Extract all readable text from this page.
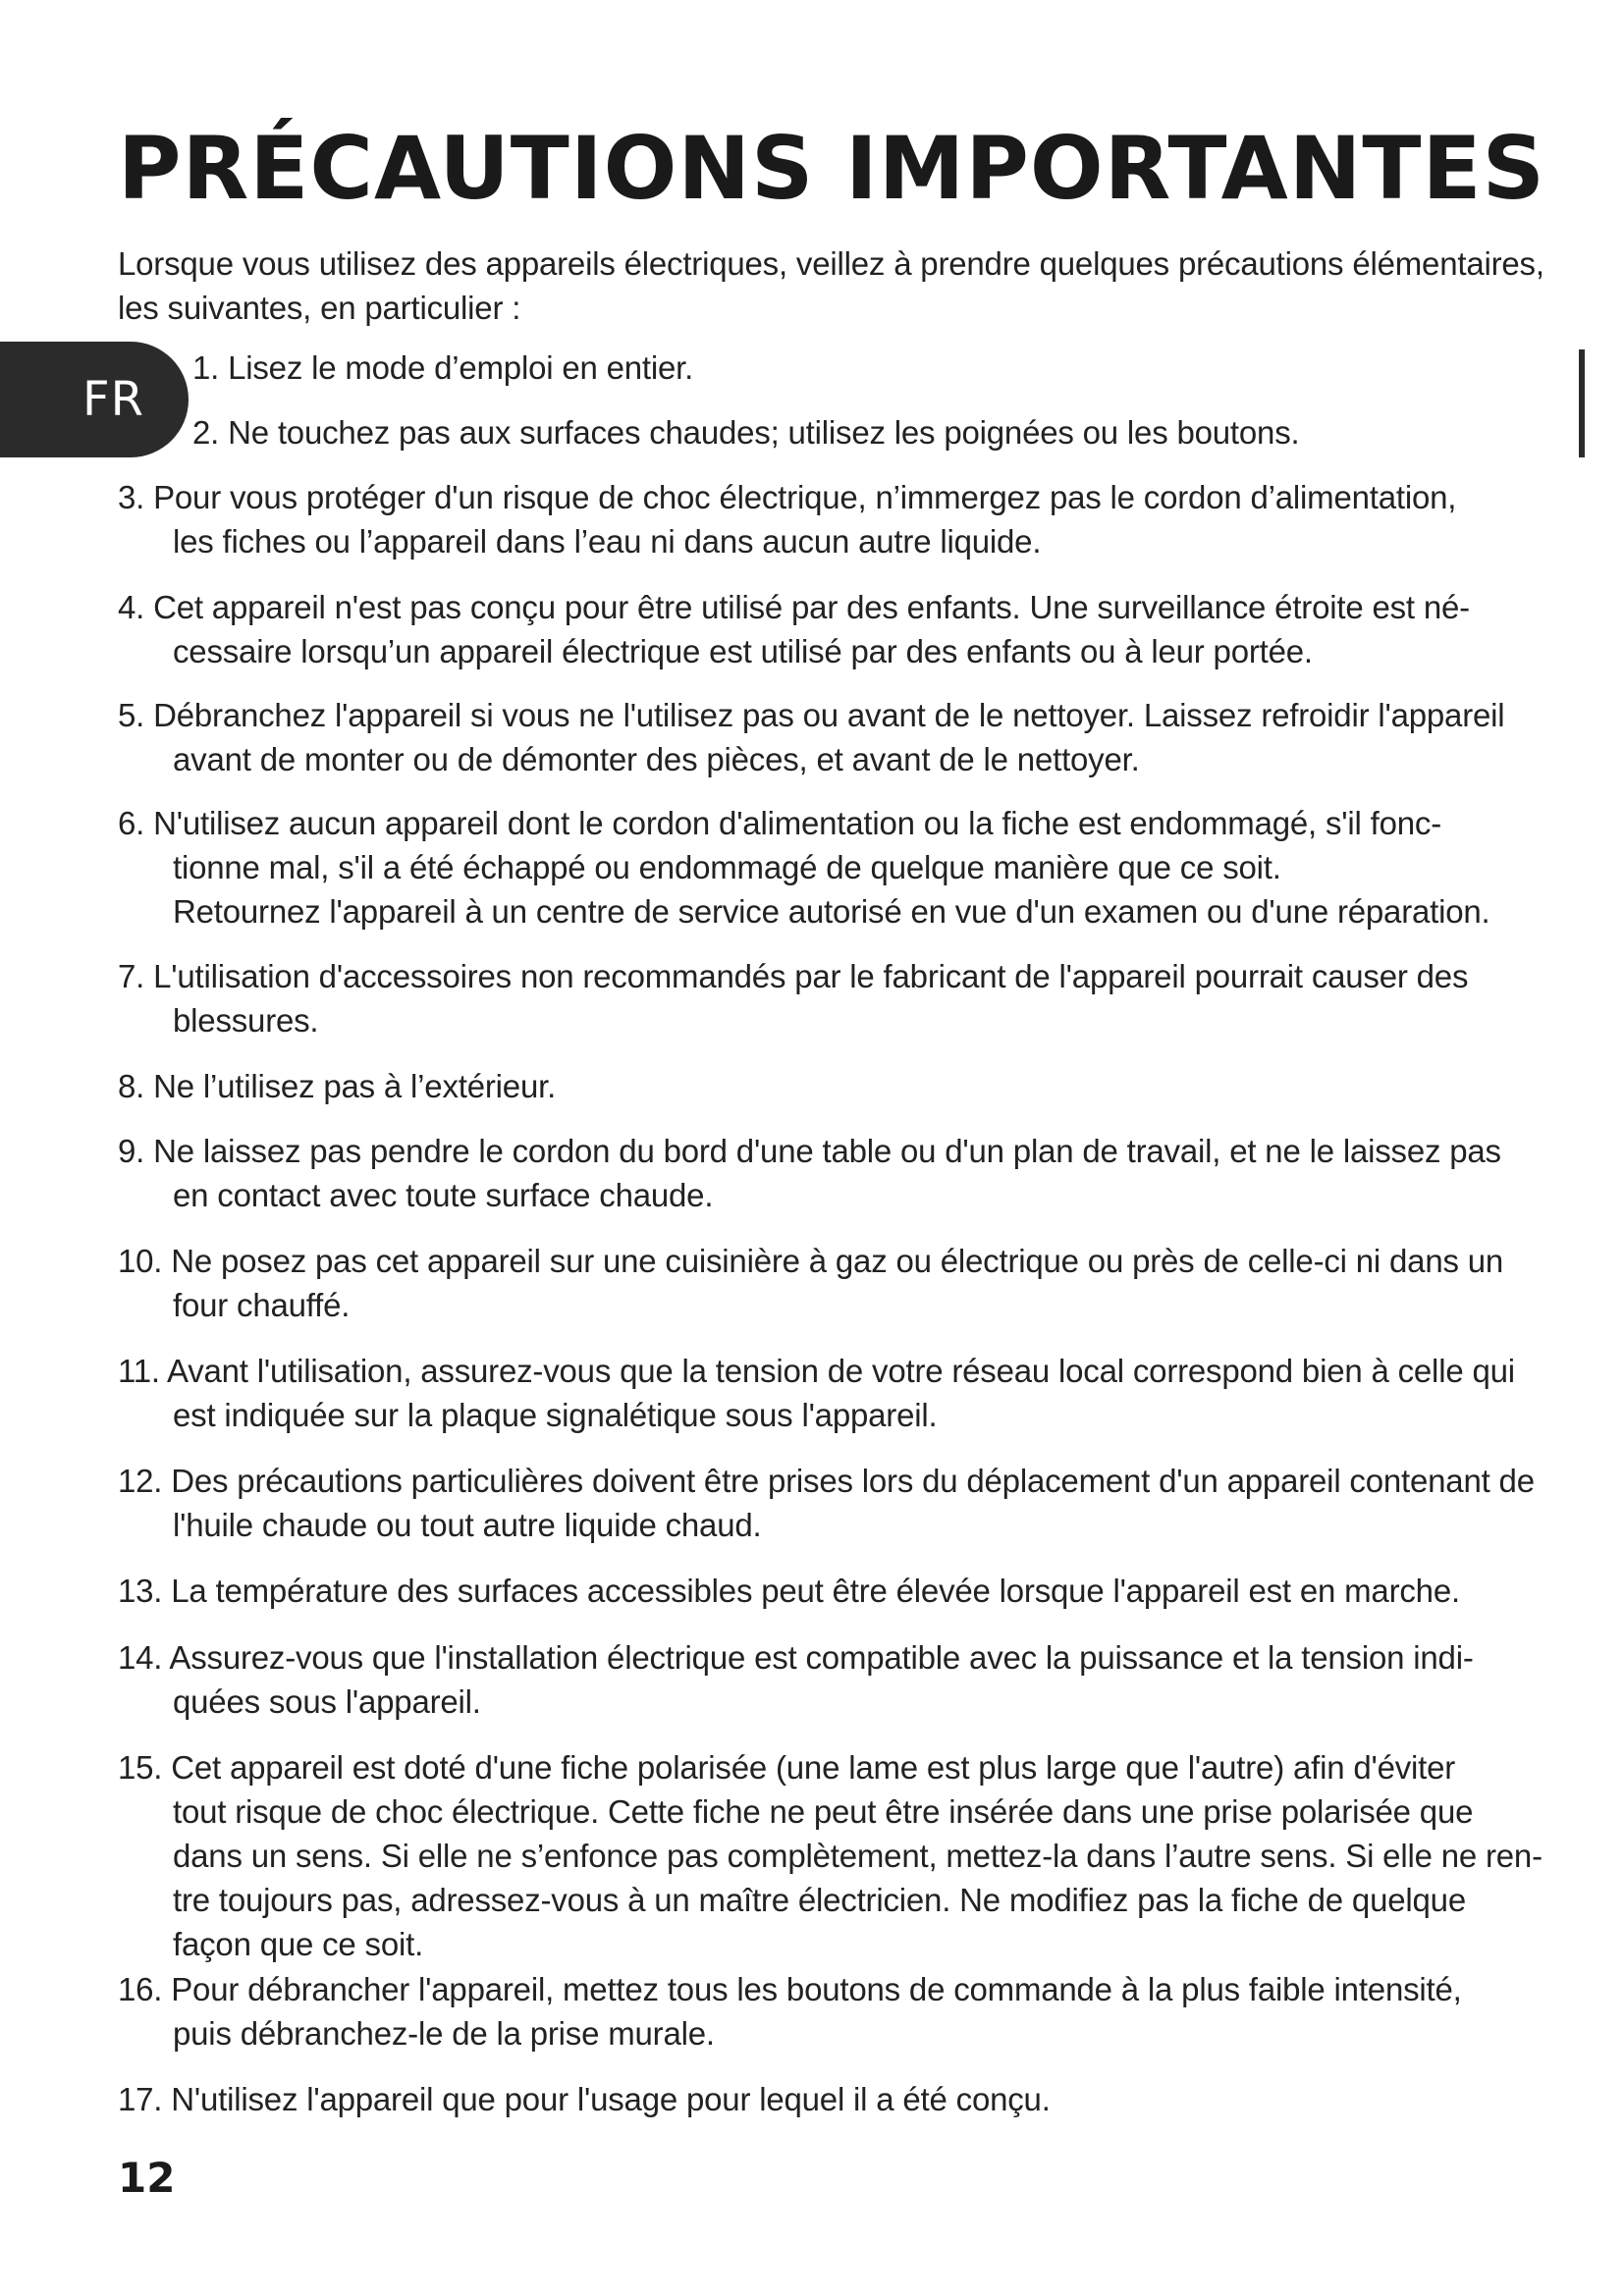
PRÉCAUTIONS IMPORTANTES

Lorsque vous utilisez des appareils électriques, veillez à prendre quelques précautions élémentaires, les suivantes, en particulier :

FR
1. Lisez le mode d’emploi en entier.
2. Ne touchez pas aux surfaces chaudes; utilisez les poignées ou les boutons.
3. Pour vous protéger d'un risque de choc électrique, n’immergez pas le cordon d’alimentation,
les fiches ou l’appareil dans l’eau ni dans aucun autre liquide.
4. Cet appareil n'est pas conçu pour être utilisé par des enfants. Une surveillance étroite est né-
cessaire lorsqu’un appareil électrique est utilisé par des enfants ou à leur portée.
5. Débranchez l'appareil si vous ne l'utilisez pas ou avant de le nettoyer. Laissez refroidir l'appareil
avant de monter ou de démonter des pièces, et avant de le nettoyer.
6. N'utilisez aucun appareil dont le cordon d'alimentation ou la fiche est endommagé, s'il fonc-
tionne mal, s'il a été échappé ou endommagé de quelque manière que ce soit.
Retournez l'appareil à un centre de service autorisé en vue d'un examen ou d'une réparation.
7. L'utilisation d'accessoires non recommandés par le fabricant de l'appareil pourrait causer des
blessures.
8. Ne l’utilisez pas à l’extérieur.
9. Ne laissez pas pendre le cordon du bord d'une table ou d'un plan de travail, et ne le laissez pas
en contact avec toute surface chaude.
10. Ne posez pas cet appareil sur une cuisinière à gaz ou électrique ou près de celle-ci ni dans un
four chauffé.
11. Avant l'utilisation, assurez-vous que la tension de votre réseau local correspond bien à celle qui
est indiquée sur la plaque signalétique sous l'appareil.
12. Des précautions particulières doivent être prises lors du déplacement d'un appareil contenant de
l'huile chaude ou tout autre liquide chaud.
13. La température des surfaces accessibles peut être élevée lorsque l'appareil est en marche.
14. Assurez-vous que l'installation électrique est compatible avec la puissance et la tension indi-
quées sous l'appareil.
15. Cet appareil est doté d'une fiche polarisée (une lame est plus large que l'autre) afin d'éviter
tout risque de choc électrique. Cette fiche ne peut être insérée dans une prise polarisée que
dans un sens. Si elle ne s’enfonce pas complètement, mettez-la dans l’autre sens. Si elle ne ren-
tre toujours pas, adressez-vous à un maître électricien. Ne modifiez pas la fiche de quelque
façon que ce soit.
16. Pour débrancher l'appareil, mettez tous les boutons de commande à la plus faible intensité,
puis débranchez-le de la prise murale.
17. N'utilisez l'appareil que pour l'usage pour lequel il a été conçu.
12
